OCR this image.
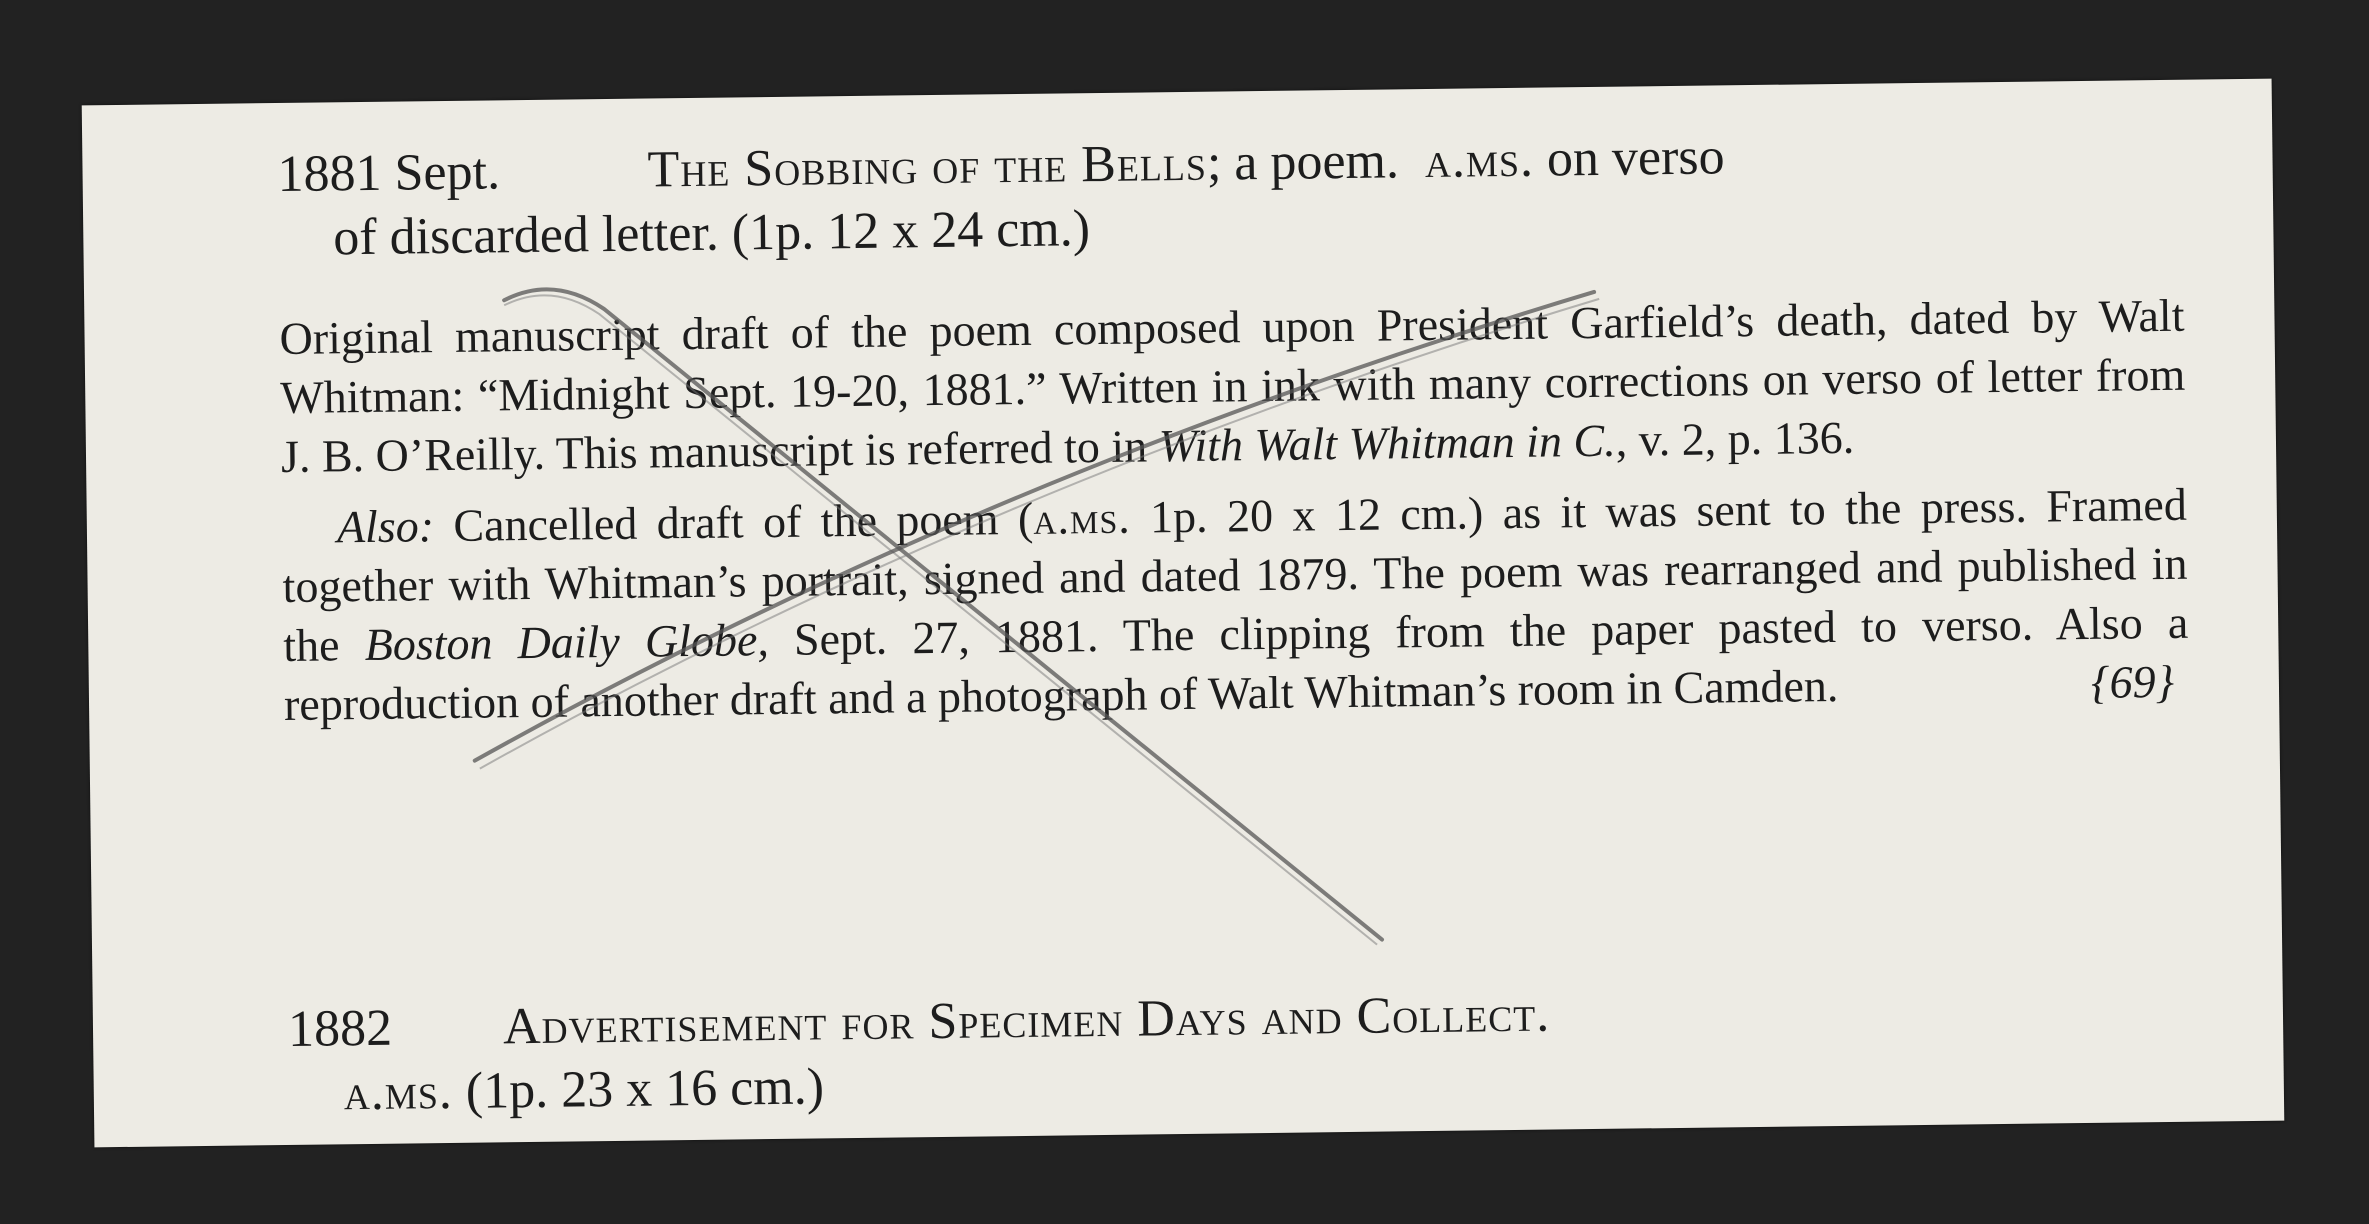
1881 Sept.	The Sobbing of the Bells; a poem. a.ms. on verso
of discarded letter. (1p. 12 x 24 cm.)

Original manuscript draft of the poem composed upon President Garfield’s death, dated by Walt Whitman: “Midnight Sept. 19-20, 1881.” Written in ink with many corrections on verso of letter from J. B. O’Reilly. This manuscript is referred to in With Walt Whitman in C., v. 2, p. 136.

Also: Cancelled draft of the poem (a.ms. 1p. 20 x 12 cm.) as it was sent to the press. Framed together with Whitman’s portrait, signed and dated 1879. The poem was rearranged and published in the Boston Daily Globe, Sept. 27, 1881. The clipping from the paper pasted to verso. Also a reproduction of another draft and a photograph of Walt Whitman’s room in Camden.	{69}

1882 Advertisement for Specimen Days and Collect.
a.ms. (1p. 23 x 16 cm.)
